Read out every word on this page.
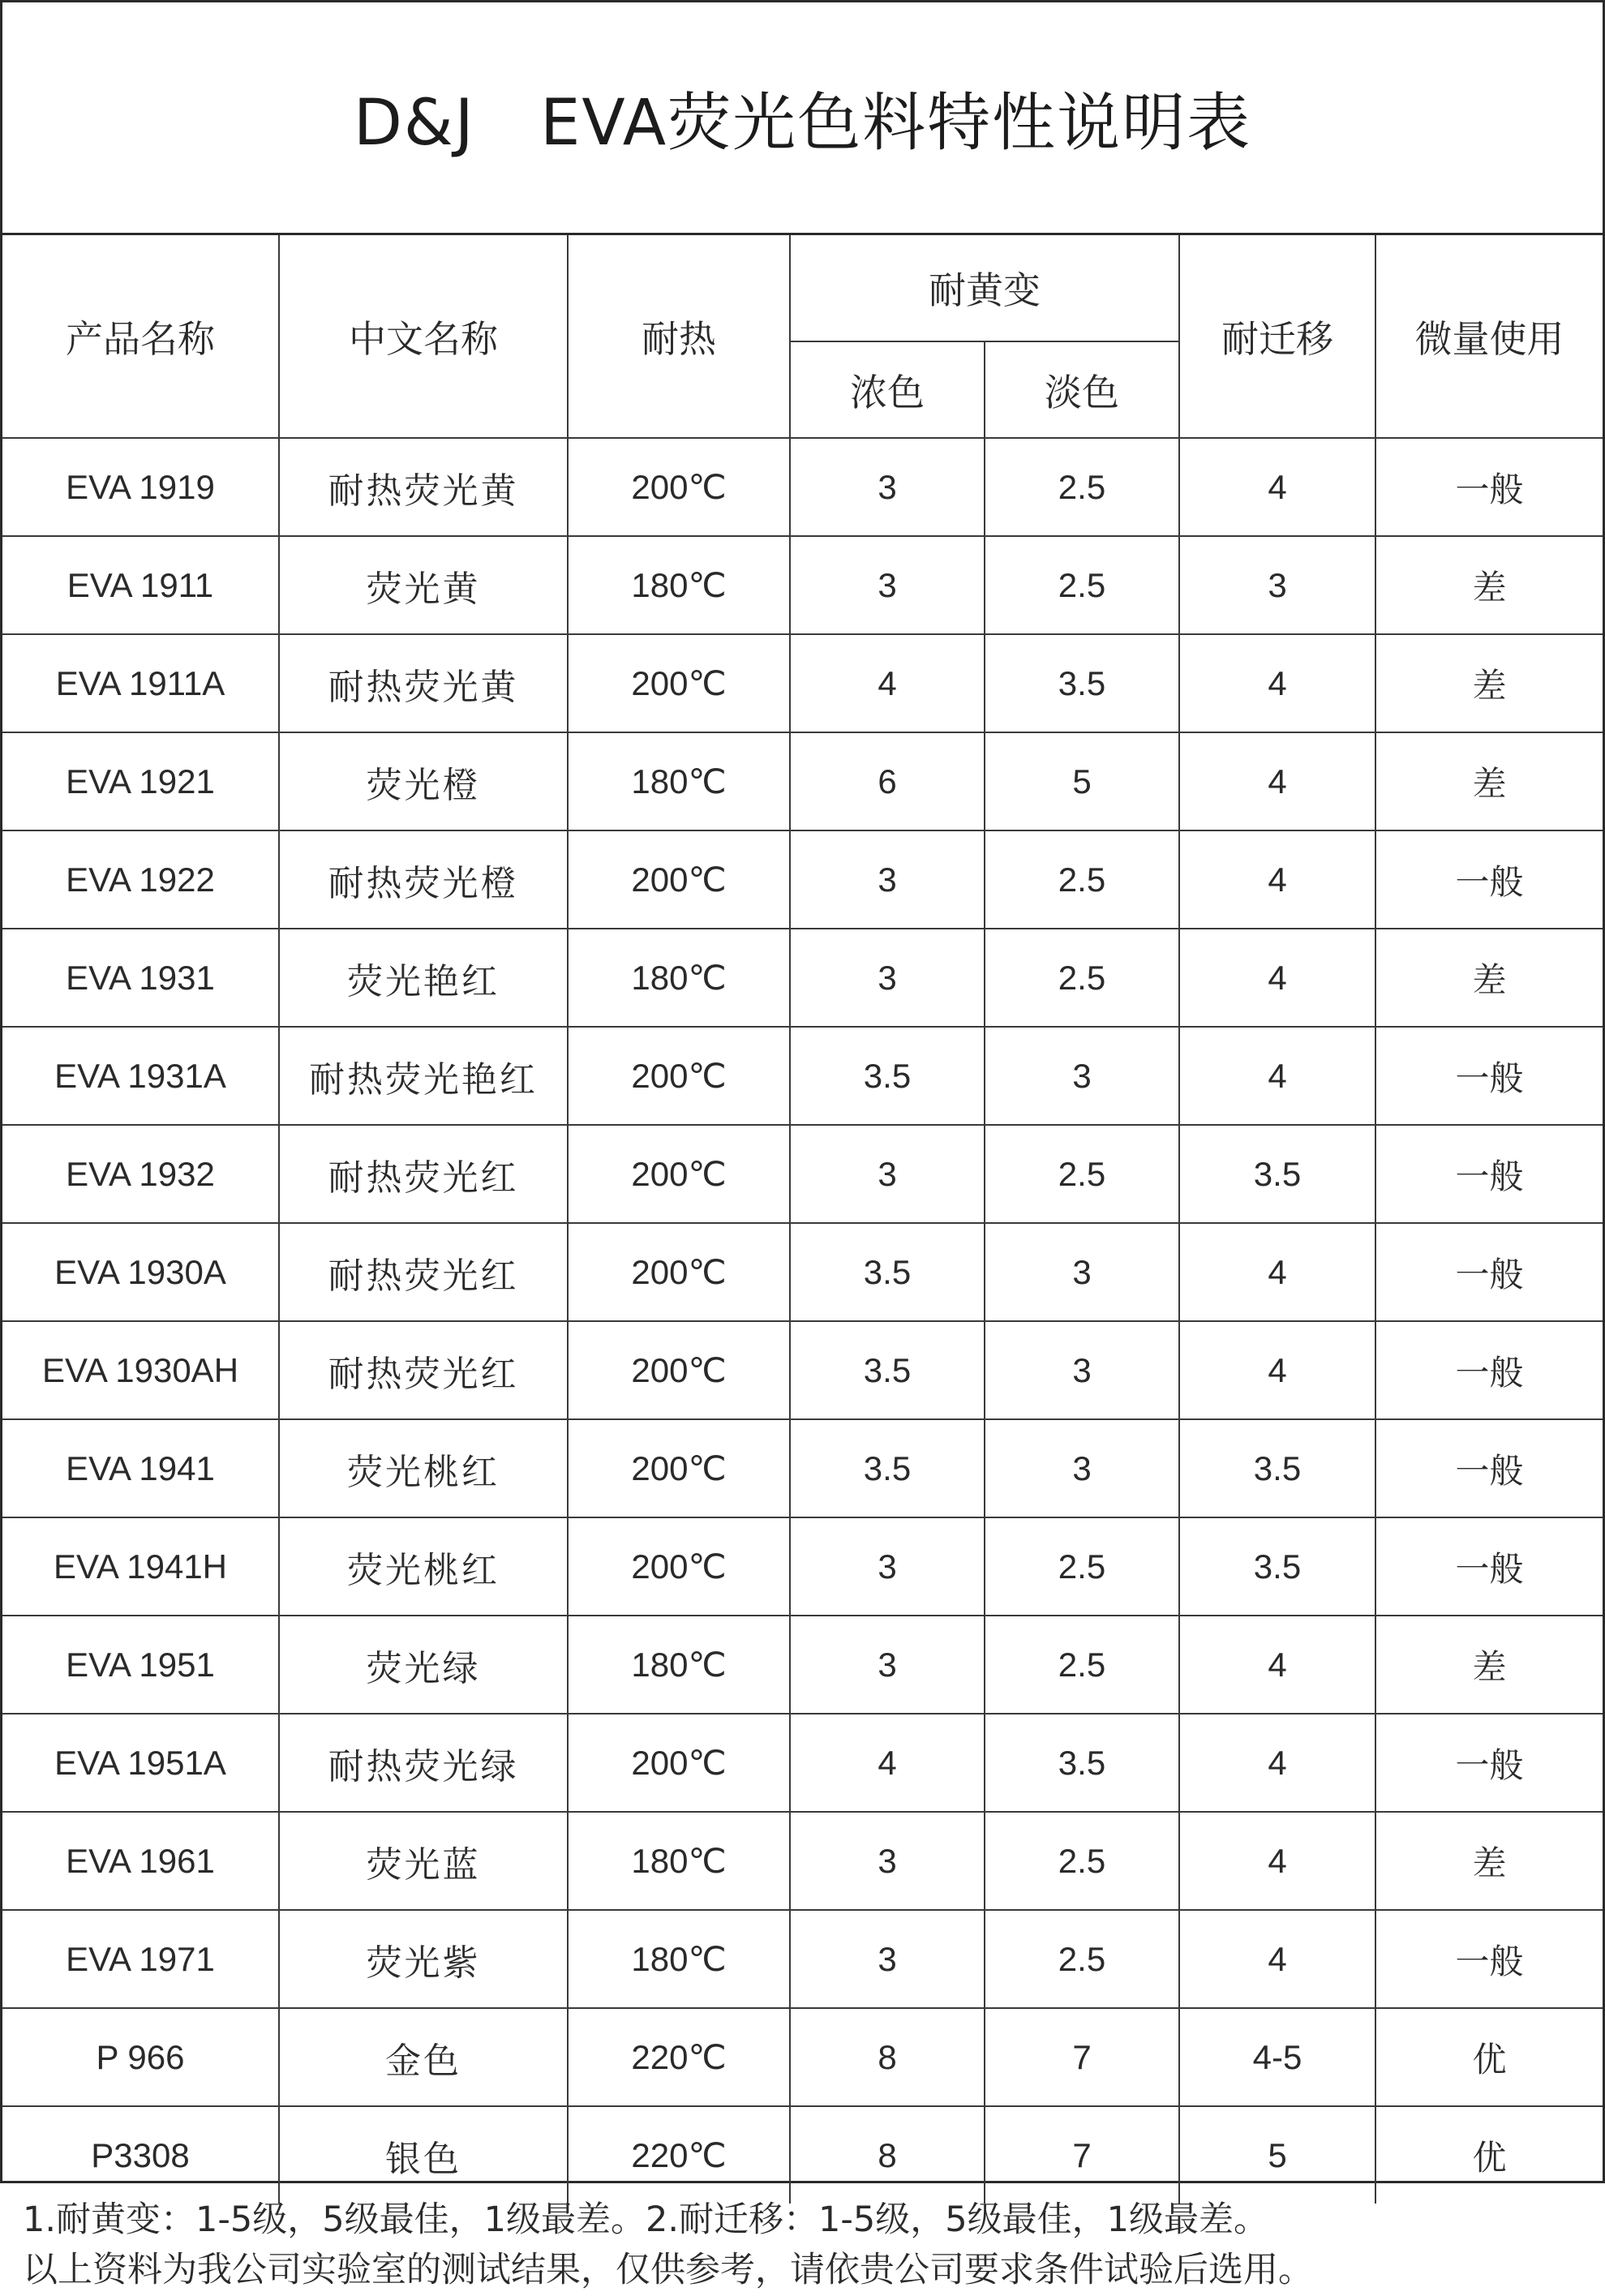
D&J   EVA荧光色料特性说明表
产品名称	中文名称	耐热	耐黄变		耐迁移	微量使用
			浓色	淡色		
EVA 1919	耐热荧光黄	200℃	3	2.5	4	一般
EVA 1911	荧光黄	180℃	3	2.5	3	差
EVA 1911A	耐热荧光黄	200℃	4	3.5	4	差
EVA 1921	荧光橙	180℃	6	5	4	差
EVA 1922	耐热荧光橙	200℃	3	2.5	4	一般
EVA 1931	荧光艳红	180℃	3	2.5	4	差
EVA 1931A	耐热荧光艳红	200℃	3.5	3	4	一般
EVA 1932	耐热荧光红	200℃	3	2.5	3.5	一般
EVA 1930A	耐热荧光红	200℃	3.5	3	4	一般
EVA 1930AH	耐热荧光红	200℃	3.5	3	4	一般
EVA 1941	荧光桃红	200℃	3.5	3	3.5	一般
EVA 1941H	荧光桃红	200℃	3	2.5	3.5	一般
EVA 1951	荧光绿	180℃	3	2.5	4	差
EVA 1951A	耐热荧光绿	200℃	4	3.5	4	一般
EVA 1961	荧光蓝	180℃	3	2.5	4	差
EVA 1971	荧光紫	180℃	3	2.5	4	一般
P 966	金色	220℃	8	7	4-5	优
P3308	银色	220℃	8	7	5	优
1.耐黄变：1-5级，5级最佳，1级最差。2.耐迁移：1-5级，5级最佳，1级最差。
以上资料为我公司实验室的测试结果，仅供参考，请依贵公司要求条件试验后选用。
